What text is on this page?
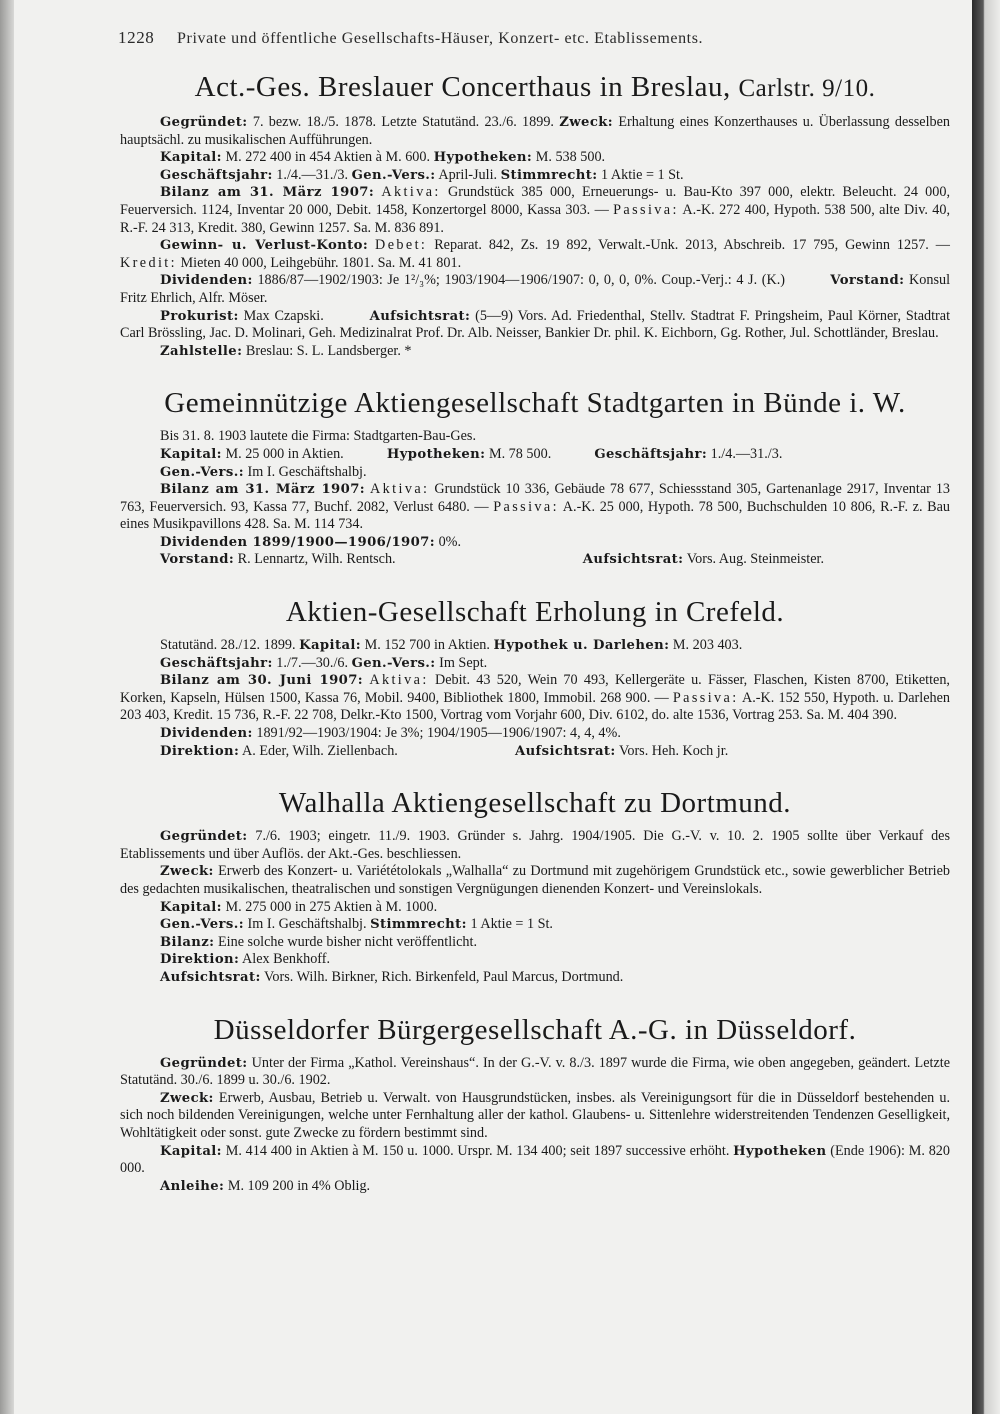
1228 Private und öffentliche Gesellschafts-Häuser, Konzert- etc. Etablissements.
Act.-Ges. Breslauer Concerthaus in Breslau, Carlstr. 9/10.

Gegründet: 7. bezw. 18./5. 1878. Letzte Statutänd. 23./6. 1899. Zweck: Erhaltung eines Konzerthauses u. Überlassung desselben hauptsächl. zu musikalischen Aufführungen.

Kapital: M. 272 400 in 454 Aktien à M. 600. Hypotheken: M. 538 500.

Geschäftsjahr: 1./4.—31./3. Gen.-Vers.: April-Juli. Stimmrecht: 1 Aktie = 1 St.

Bilanz am 31. März 1907: Aktiva: Grundstück 385 000, Erneuerungs- u. Bau-Kto 397 000, elektr. Beleucht. 24 000, Feuerversich. 1124, Inventar 20 000, Debit. 1458, Konzertorgel 8000, Kassa 303. — Passiva: A.-K. 272 400, Hypoth. 538 500, alte Div. 40, R.-F. 24 313, Kredit. 380, Gewinn 1257. Sa. M. 836 891.

Gewinn- u. Verlust-Konto: Debet: Reparat. 842, Zs. 19 892, Verwalt.-Unk. 2013, Abschreib. 17 795, Gewinn 1257. — Kredit: Mieten 40 000, Leihgebühr. 1801. Sa. M. 41 801.

Dividenden: 1886/87—1902/1903: Je 1²/₃%; 1903/1904—1906/1907: 0, 0, 0, 0%. Coup.-Verj.: 4 J. (K.)	Vorstand: Konsul Fritz Ehrlich, Alfr. Möser.

Prokurist: Max Czapski.	Aufsichtsrat: (5—9) Vors. Ad. Friedenthal, Stellv. Stadtrat F. Pringsheim, Paul Körner, Stadtrat Carl Brössling, Jac. D. Molinari, Geh. Medizinalrat Prof. Dr. Alb. Neisser, Bankier Dr. phil. K. Eichborn, Gg. Rother, Jul. Schottländer, Breslau.

Zahlstelle: Breslau: S. L. Landsberger. *

Gemeinnützige Aktiengesellschaft Stadtgarten in Bünde i. W.

Bis 31. 8. 1903 lautete die Firma: Stadtgarten-Bau-Ges.

Kapital: M. 25 000 in Aktien.	Hypotheken: M. 78 500.	Geschäftsjahr: 1./4.—31./3.

Gen.-Vers.: Im I. Geschäftshalbj.

Bilanz am 31. März 1907: Aktiva: Grundstück 10 336, Gebäude 78 677, Schiessstand 305, Gartenanlage 2917, Inventar 13 763, Feuerversich. 93, Kassa 77, Buchf. 2082, Verlust 6480. — Passiva: A.-K. 25 000, Hypoth. 78 500, Buchschulden 10 806, R.-F. z. Bau eines Musikpavillons 428. Sa. M. 114 734.

Dividenden 1899/1900—1906/1907: 0%.

Vorstand: R. Lennartz, Wilh. Rentsch.	Aufsichtsrat: Vors. Aug. Steinmeister.

Aktien-Gesellschaft Erholung in Crefeld.

Statutänd. 28./12. 1899. Kapital: M. 152 700 in Aktien. Hypothek u. Darlehen: M. 203 403.

Geschäftsjahr: 1./7.—30./6. Gen.-Vers.: Im Sept.

Bilanz am 30. Juni 1907: Aktiva: Debit. 43 520, Wein 70 493, Kellergeräte u. Fässer, Flaschen, Kisten 8700, Etiketten, Korken, Kapseln, Hülsen 1500, Kassa 76, Mobil. 9400, Bibliothek 1800, Immobil. 268 900. — Passiva: A.-K. 152 550, Hypoth. u. Darlehen 203 403, Kredit. 15 736, R.-F. 22 708, Delkr.-Kto 1500, Vortrag vom Vorjahr 600, Div. 6102, do. alte 1536, Vortrag 253. Sa. M. 404 390.

Dividenden: 1891/92—1903/1904: Je 3%; 1904/1905—1906/1907: 4, 4, 4%.

Direktion: A. Eder, Wilh. Ziellenbach.	Aufsichtsrat: Vors. Heh. Koch jr.

Walhalla Aktiengesellschaft zu Dortmund.

Gegründet: 7./6. 1903; eingetr. 11./9. 1903. Gründer s. Jahrg. 1904/1905. Die G.-V. v. 10. 2. 1905 sollte über Verkauf des Etablissements und über Auflös. der Akt.-Ges. beschliessen.

Zweck: Erwerb des Konzert- u. Variététolokals „Walhalla“ zu Dortmund mit zugehörigem Grundstück etc., sowie gewerblicher Betrieb des gedachten musikalischen, theatralischen und sonstigen Vergnügungen dienenden Konzert- und Vereinslokals.

Kapital: M. 275 000 in 275 Aktien à M. 1000.

Gen.-Vers.: Im I. Geschäftshalbj. Stimmrecht: 1 Aktie = 1 St.

Bilanz: Eine solche wurde bisher nicht veröffentlicht.

Direktion: Alex Benkhoff.

Aufsichtsrat: Vors. Wilh. Birkner, Rich. Birkenfeld, Paul Marcus, Dortmund.

Düsseldorfer Bürgergesellschaft A.-G. in Düsseldorf.

Gegründet: Unter der Firma „Kathol. Vereinshaus“. In der G.-V. v. 8./3. 1897 wurde die Firma, wie oben angegeben, geändert. Letzte Statutänd. 30./6. 1899 u. 30./6. 1902.

Zweck: Erwerb, Ausbau, Betrieb u. Verwalt. von Hausgrundstücken, insbes. als Vereinigungsort für die in Düsseldorf bestehenden u. sich noch bildenden Vereinigungen, welche unter Fernhaltung aller der kathol. Glaubens- u. Sittenlehre widerstreitenden Tendenzen Geselligkeit, Wohltätigkeit oder sonst. gute Zwecke zu fördern bestimmt sind.

Kapital: M. 414 400 in Aktien à M. 150 u. 1000. Urspr. M. 134 400; seit 1897 successive erhöht. Hypotheken (Ende 1906): M. 820 000.

Anleihe: M. 109 200 in 4% Oblig.
